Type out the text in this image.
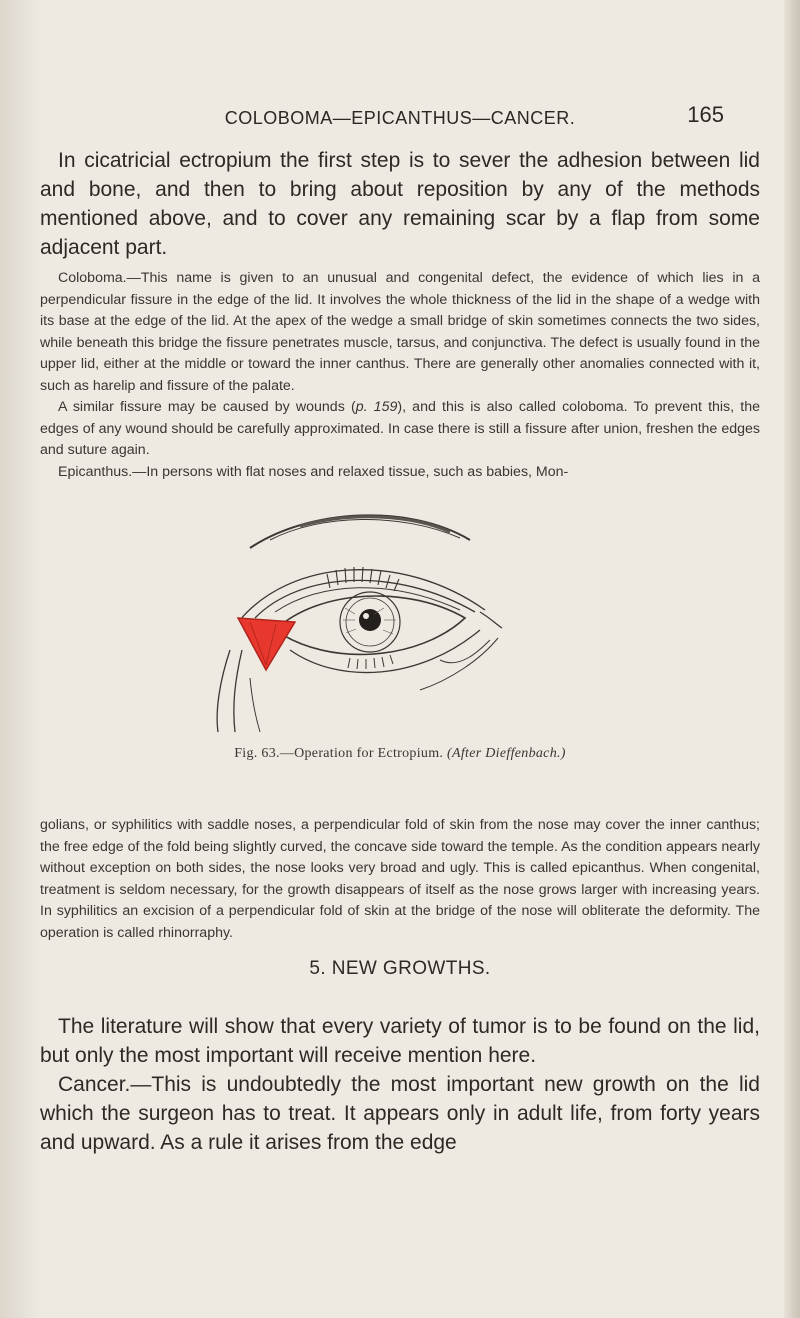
COLOBOMA—EPICANTHUS—CANCER.	165

In cicatricial ectropium the first step is to sever the adhesion between lid and bone, and then to bring about reposition by any of the methods mentioned above, and to cover any remaining scar by a flap from some adjacent part.

Coloboma.—This name is given to an unusual and congenital defect, the evidence of which lies in a perpendicular fissure in the edge of the lid. It involves the whole thickness of the lid in the shape of a wedge with its base at the edge of the lid. At the apex of the wedge a small bridge of skin sometimes connects the two sides, while beneath this bridge the fissure penetrates muscle, tarsus, and conjunctiva. The defect is usually found in the upper lid, either at the middle or toward the inner canthus. There are generally other anomalies connected with it, such as harelip and fissure of the palate.

A similar fissure may be caused by wounds (p. 159), and this is also called coloboma. To prevent this, the edges of any wound should be carefully approximated. In case there is still a fissure after union, freshen the edges and suture again.

Epicanthus.—In persons with flat noses and relaxed tissue, such as babies, Mon-

Fig. 63.—Operation for Ectropium. (After Dieffenbach.)

golians, or syphilitics with saddle noses, a perpendicular fold of skin from the nose may cover the inner canthus; the free edge of the fold being slightly curved, the concave side toward the temple. As the condition appears nearly without exception on both sides, the nose looks very broad and ugly. This is called epicanthus. When congenital, treatment is seldom necessary, for the growth disappears of itself as the nose grows larger with increasing years. In syphilitics an excision of a perpendicular fold of skin at the bridge of the nose will obliterate the deformity. The operation is called rhinorraphy.

5. NEW GROWTHS.

The literature will show that every variety of tumor is to be found on the lid, but only the most important will receive mention here.

Cancer.—This is undoubtedly the most important new growth on the lid which the surgeon has to treat. It appears only in adult life, from forty years and upward. As a rule it arises from the edge
